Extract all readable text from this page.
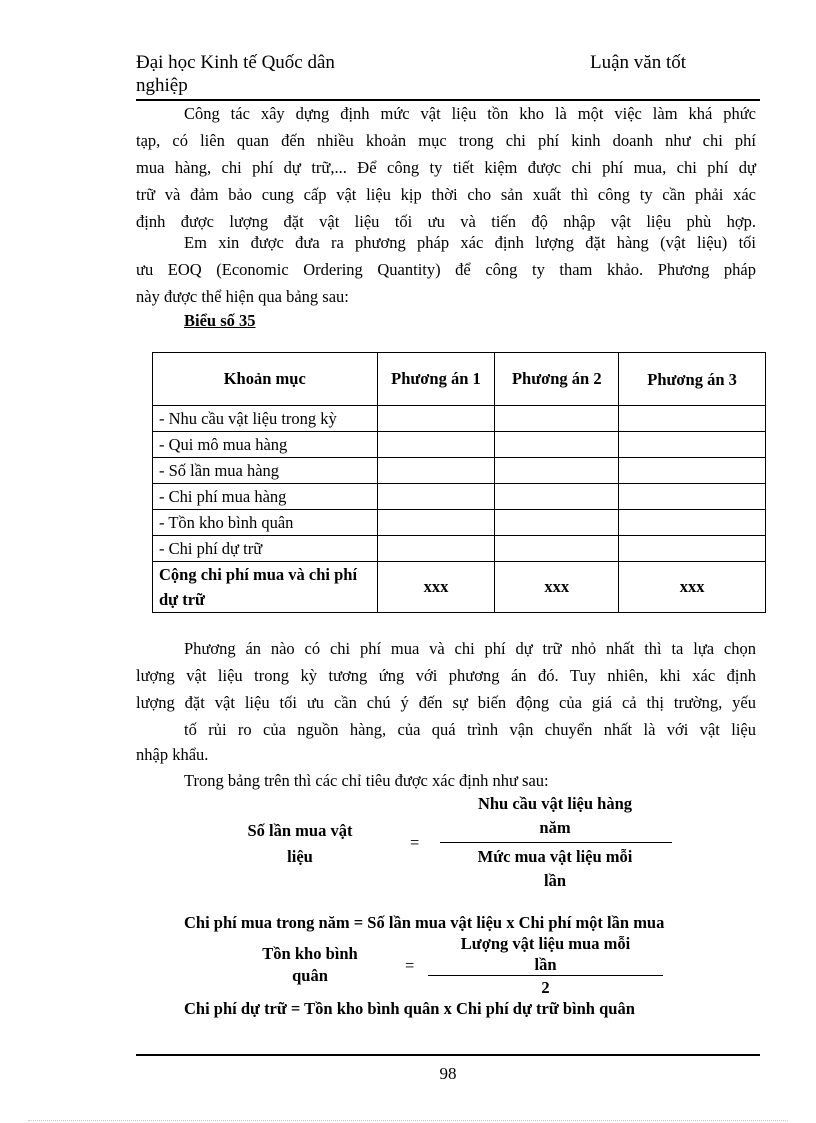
Đại học Kinh tế Quốc dân	Luận văn tốt
nghiệp
Công tác xây dựng định mức vật liệu tồn kho là một việc làm khá phức
tạp, có liên quan đến nhiều khoản mục trong chi phí kinh doanh như chi phí
mua hàng, chi phí dự trữ,... Để công ty tiết kiệm được chi phí mua, chi phí dự
trữ và đảm bảo cung cấp vật liệu kịp thời cho sản xuất thì công ty cần phải xác
định được lượng đặt vật liệu tối ưu và tiến độ nhập vật liệu phù hợp.
Em xin được đưa ra phương pháp xác định lượng đặt hàng (vật liệu) tối
ưu EOQ (Economic Ordering Quantity) để công ty tham khảo. Phương pháp
này được thể hiện qua bảng sau:
Biểu số 35
Khoản mục	Phương án 1	Phương án 2	Phương án 3
- Nhu cầu vật liệu trong kỳ			
- Qui mô mua hàng			
- Số lần mua hàng			
- Chi phí mua hàng			
- Tồn kho bình quân			
- Chi phí dự trữ			
Cộng chi phí mua và chi phí dự trữ	xxx	xxx	xxx
Phương án nào có chi phí mua và chi phí dự trữ nhỏ nhất thì ta lựa chọn
lượng vật liệu trong kỳ tương ứng với phương án đó. Tuy nhiên, khi xác định
lượng đặt vật liệu tối ưu cần chú ý đến sự biến động của giá cả thị trường, yếu
tố rủi ro của nguồn hàng, của quá trình vận chuyển nhất là với vật liệu
nhập khẩu.
Trong bảng trên thì các chỉ tiêu được xác định như sau:
Số lần mua vật
liệu
=
Nhu cầu vật liệu hàng
năm
Mức mua vật liệu mỗi
lần
Chi phí mua trong năm = Số lần mua vật liệu x Chi phí một lần mua
Tồn kho bình
quân
=
Lượng vật liệu mua mỗi
lần
2
Chi phí dự trữ = Tồn kho bình quân x Chi phí dự trữ bình quân
98
